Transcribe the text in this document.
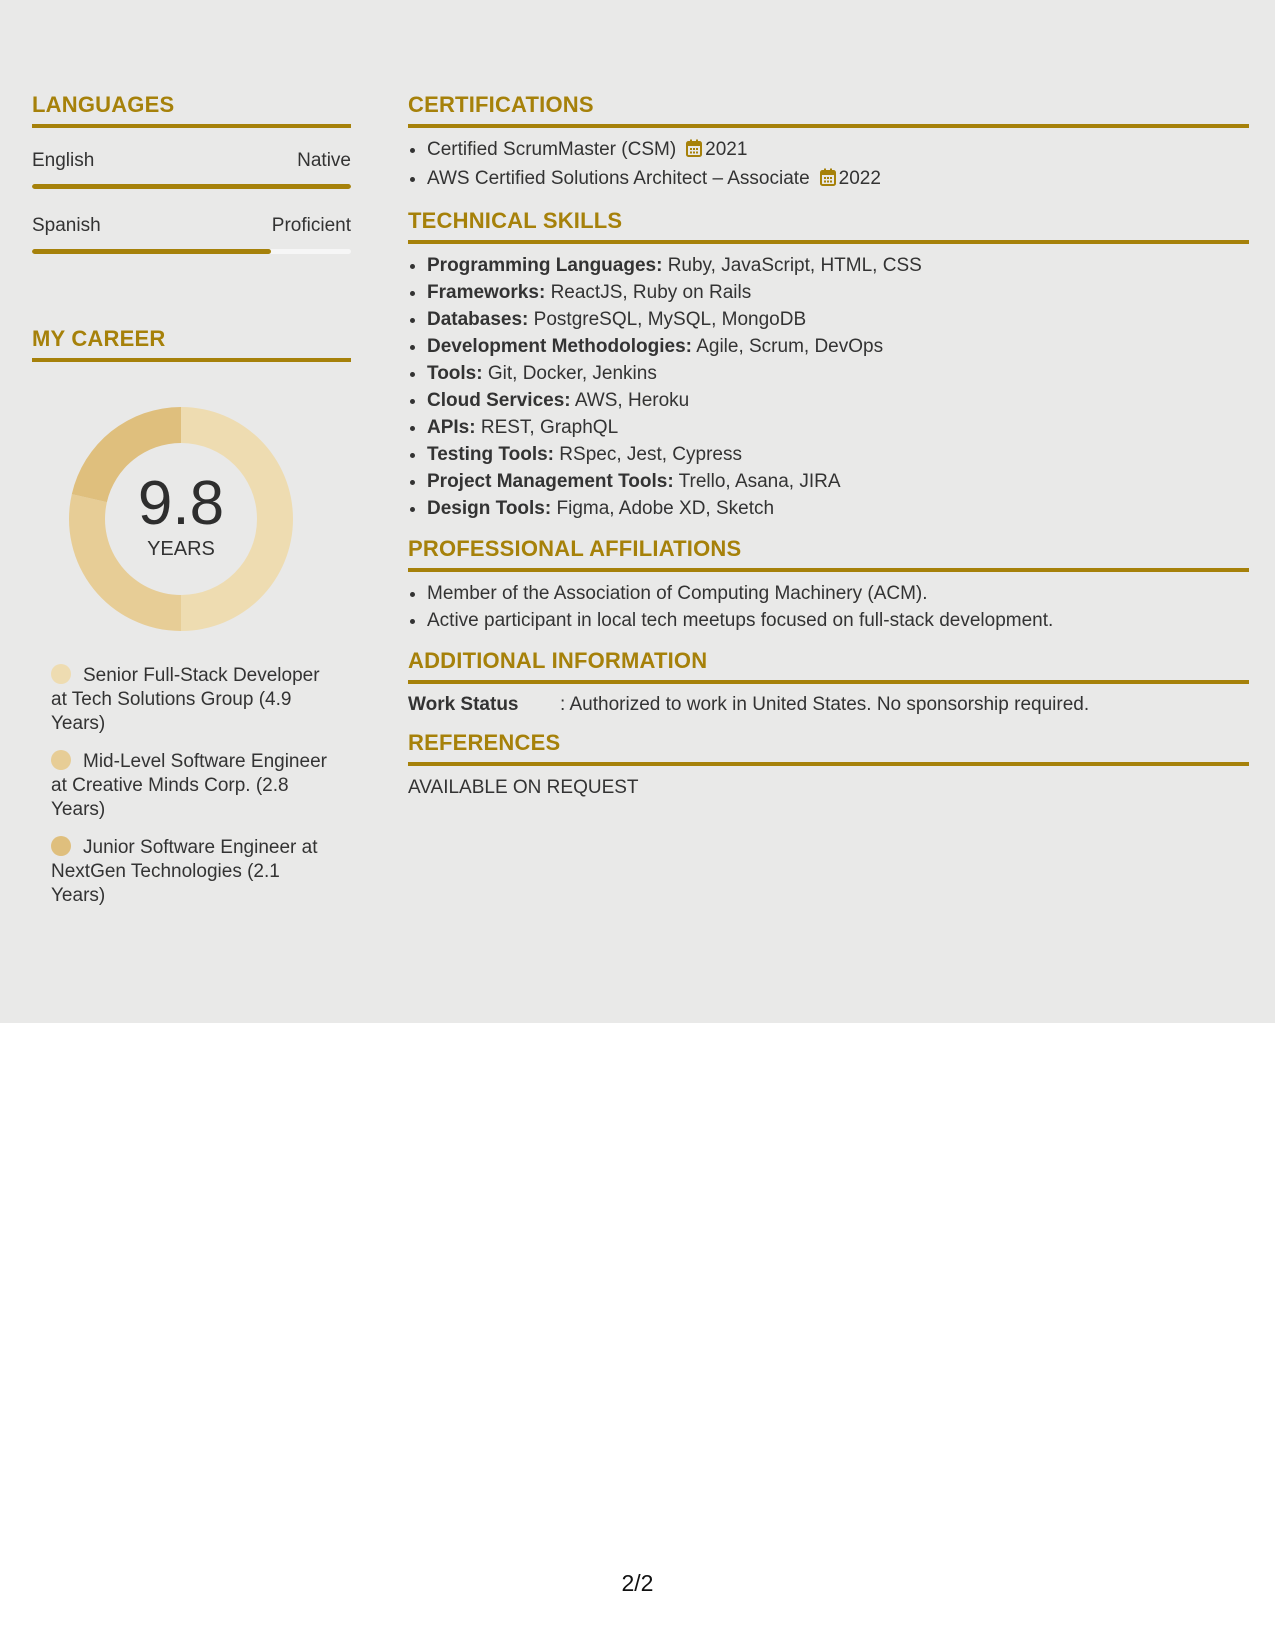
LANGUAGES
English	Native
Spanish	Proficient
MY CAREER
9.8
YEARS
Senior Full-Stack Developer at Tech Solutions Group (4.9 Years)
Mid-Level Software Engineer at Creative Minds Corp. (2.8 Years)
Junior Software Engineer at NextGen Technologies (2.1 Years)
CERTIFICATIONS
• Certified ScrumMaster (CSM) 2021
• AWS Certified Solutions Architect – Associate 2022
TECHNICAL SKILLS
• Programming Languages: Ruby, JavaScript, HTML, CSS
• Frameworks: ReactJS, Ruby on Rails
• Databases: PostgreSQL, MySQL, MongoDB
• Development Methodologies: Agile, Scrum, DevOps
• Tools: Git, Docker, Jenkins
• Cloud Services: AWS, Heroku
• APIs: REST, GraphQL
• Testing Tools: RSpec, Jest, Cypress
• Project Management Tools: Trello, Asana, JIRA
• Design Tools: Figma, Adobe XD, Sketch
PROFESSIONAL AFFILIATIONS
• Member of the Association of Computing Machinery (ACM).
• Active participant in local tech meetups focused on full-stack development.
ADDITIONAL INFORMATION
Work Status	: Authorized to work in United States. No sponsorship required.
REFERENCES
AVAILABLE ON REQUEST
2/2
